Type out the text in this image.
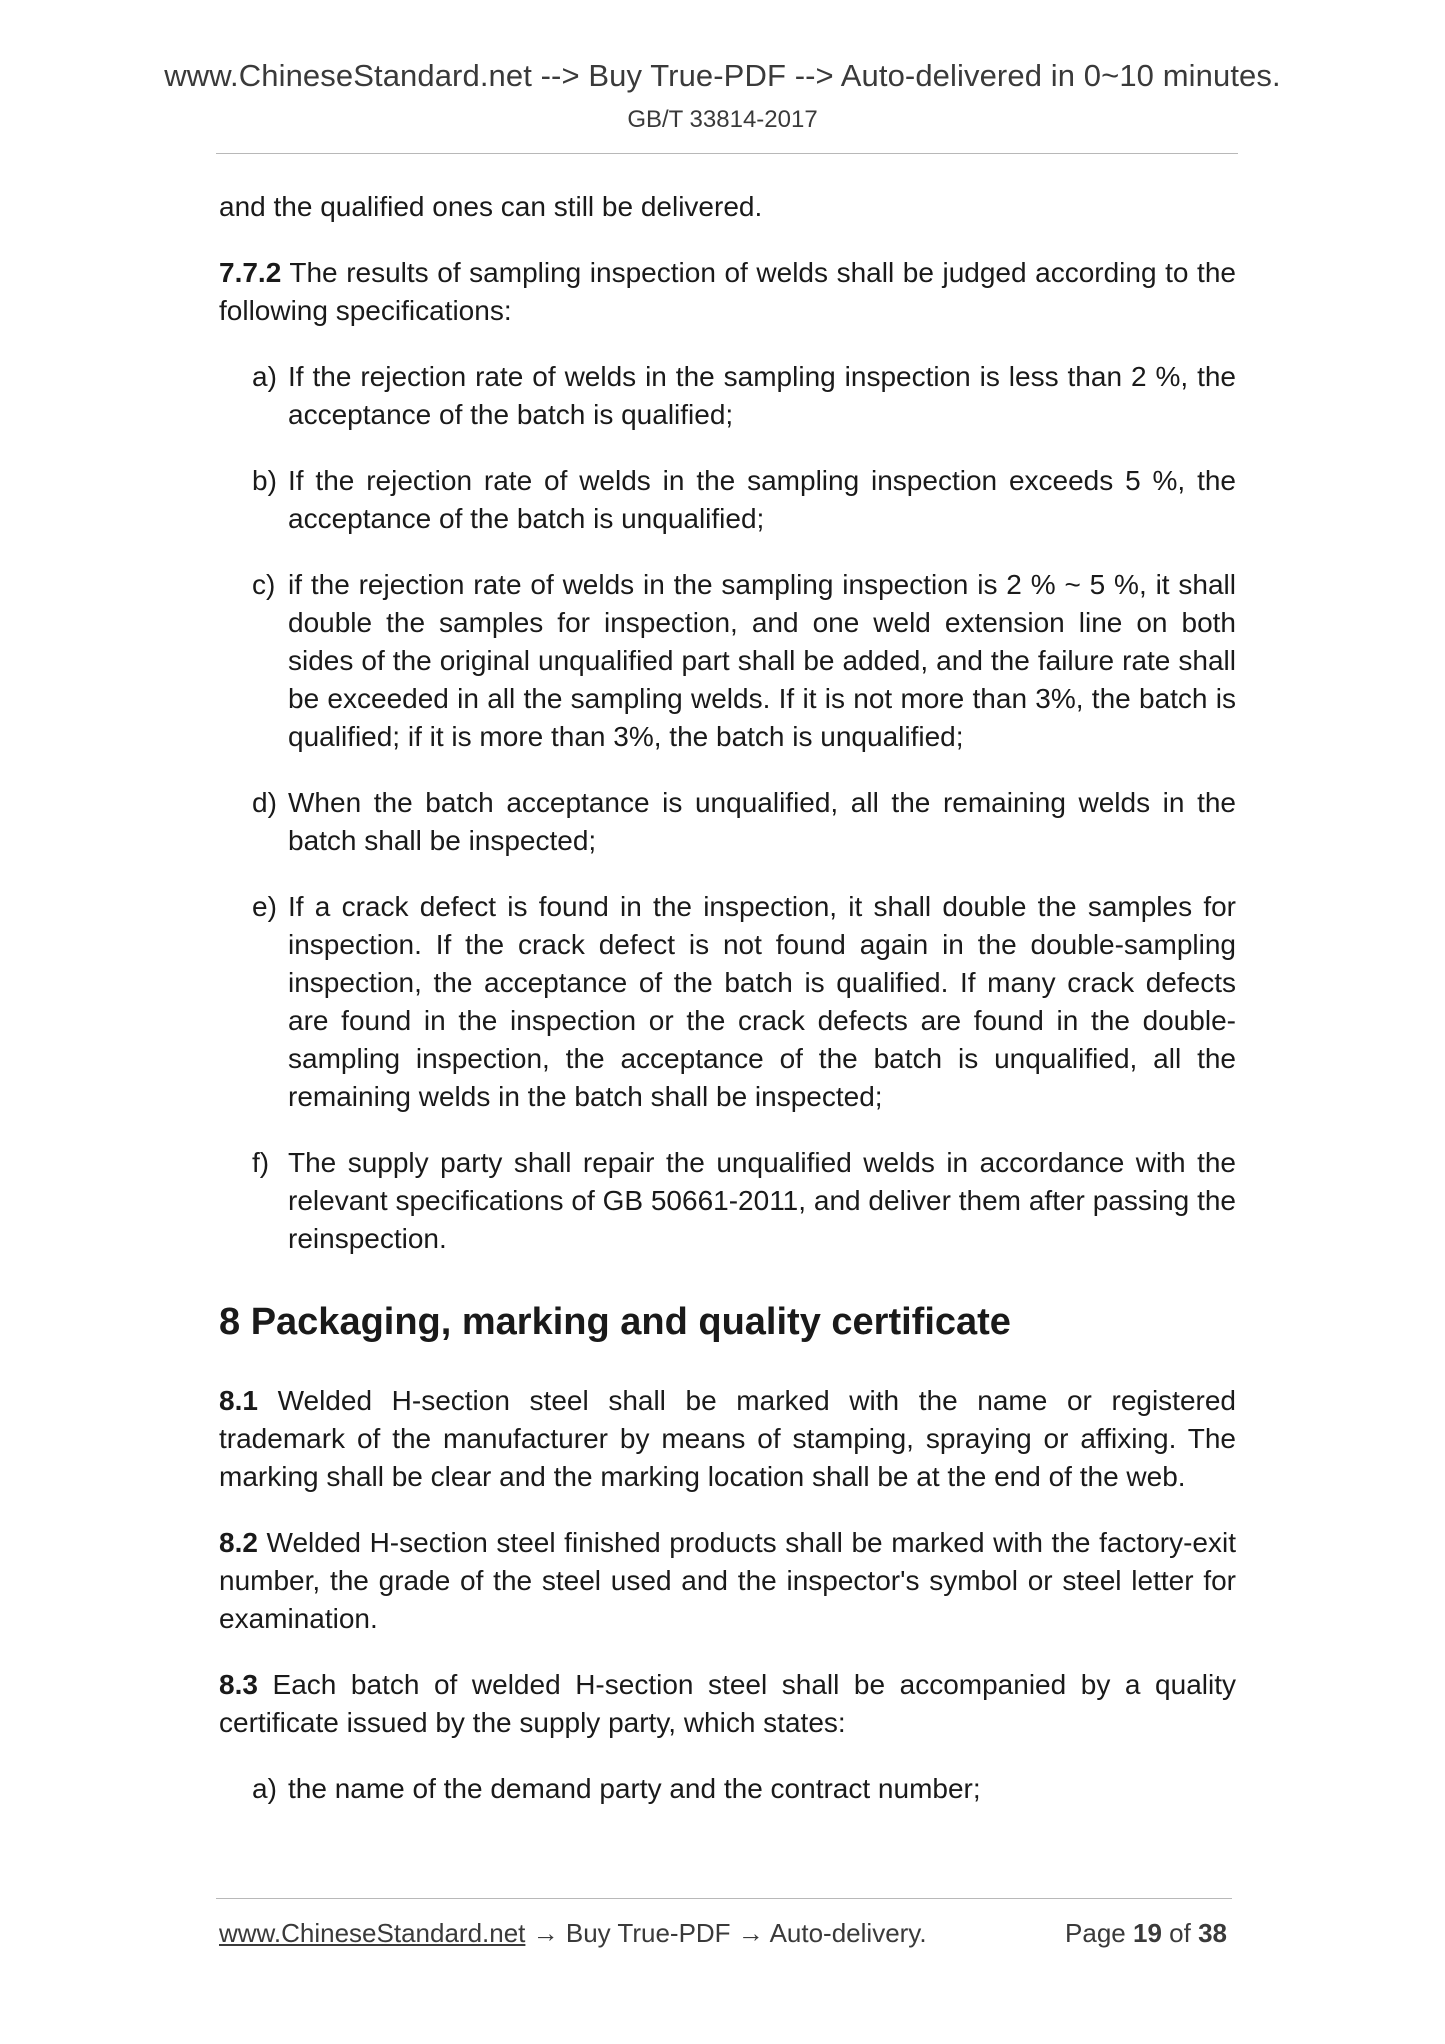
www.ChineseStandard.net --> Buy True-PDF --> Auto-delivered in 0~10 minutes.
GB/T 33814-2017

and the qualified ones can still be delivered.

7.7.2 The results of sampling inspection of welds shall be judged according to the following specifications:

a) If the rejection rate of welds in the sampling inspection is less than 2 %, the acceptance of the batch is qualified;
b) If the rejection rate of welds in the sampling inspection exceeds 5 %, the acceptance of the batch is unqualified;
c) if the rejection rate of welds in the sampling inspection is 2 % ~ 5 %, it shall double the samples for inspection, and one weld extension line on both sides of the original unqualified part shall be added, and the failure rate shall be exceeded in all the sampling welds. If it is not more than 3%, the batch is qualified; if it is more than 3%, the batch is unqualified;
d) When the batch acceptance is unqualified, all the remaining welds in the batch shall be inspected;
e) If a crack defect is found in the inspection, it shall double the samples for inspection. If the crack defect is not found again in the double-sampling inspection, the acceptance of the batch is qualified. If many crack defects are found in the inspection or the crack defects are found in the double-sampling inspection, the acceptance of the batch is unqualified, all the remaining welds in the batch shall be inspected;
f) The supply party shall repair the unqualified welds in accordance with the relevant specifications of GB 50661-2011, and deliver them after passing the reinspection.
8 Packaging, marking and quality certificate

8.1 Welded H-section steel shall be marked with the name or registered trademark of the manufacturer by means of stamping, spraying or affixing. The marking shall be clear and the marking location shall be at the end of the web.

8.2 Welded H-section steel finished products shall be marked with the factory-exit number, the grade of the steel used and the inspector's symbol or steel letter for examination.

8.3 Each batch of welded H-section steel shall be accompanied by a quality certificate issued by the supply party, which states:

a) the name of the demand party and the contract number;
www.ChineseStandard.net → Buy True-PDF → Auto-delivery.	Page 19 of 38
